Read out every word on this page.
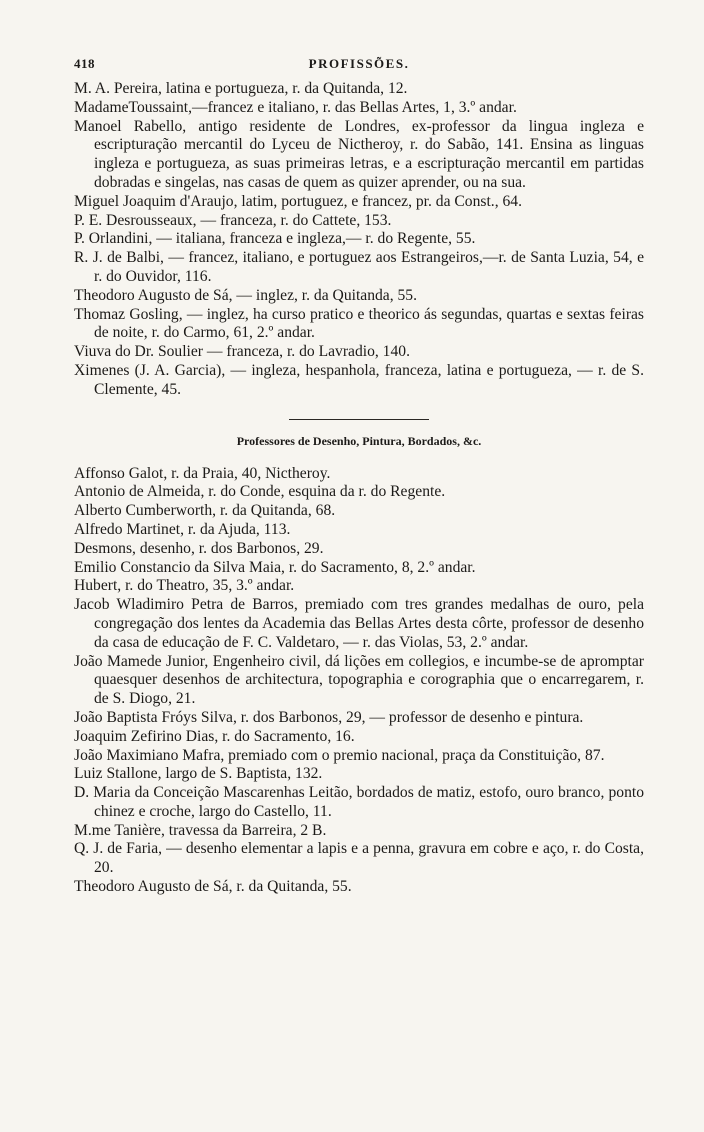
418	PROFISSÕES.

M. A. Pereira, latina e portugueza, r. da Quitanda, 12.

MadameToussaint,—francez e italiano, r. das Bellas Artes, 1, 3.º andar.

Manoel Rabello, antigo residente de Londres, ex-professor da lingua ingleza e escripturação mercantil do Lyceu de Nictheroy, r. do Sabão, 141. Ensina as linguas ingleza e portugueza, as suas primeiras letras, e a escripturação mercantil em partidas dobradas e singelas, nas casas de quem as quizer aprender, ou na sua.

Miguel Joaquim d'Araujo, latim, portuguez, e francez, pr. da Const., 64.

P. E. Desrousseaux, — franceza, r. do Cattete, 153.

P. Orlandini, — italiana, franceza e ingleza,— r. do Regente, 55.

R. J. de Balbi, — francez, italiano, e portuguez aos Estrangeiros,—r. de Santa Luzia, 54, e r. do Ouvidor, 116.

Theodoro Augusto de Sá, — inglez, r. da Quitanda, 55.

Thomaz Gosling, — inglez, ha curso pratico e theorico ás segundas, quartas e sextas feiras de noite, r. do Carmo, 61, 2.º andar.

Viuva do Dr. Soulier — franceza, r. do Lavradio, 140.

Ximenes (J. A. Garcia), — ingleza, hespanhola, franceza, latina e portugueza, — r. de S. Clemente, 45.

Professores de Desenho, Pintura, Bordados, &c.

Affonso Galot, r. da Praia, 40, Nictheroy.

Antonio de Almeida, r. do Conde, esquina da r. do Regente.

Alberto Cumberworth, r. da Quitanda, 68.

Alfredo Martinet, r. da Ajuda, 113.

Desmons, desenho, r. dos Barbonos, 29.

Emilio Constancio da Silva Maia, r. do Sacramento, 8, 2.º andar.

Hubert, r. do Theatro, 35, 3.º andar.

Jacob Wladimiro Petra de Barros, premiado com tres grandes medalhas de ouro, pela congregação dos lentes da Academia das Bellas Artes desta côrte, professor de desenho da casa de educação de F. C. Valdetaro, — r. das Violas, 53, 2.º andar.

João Mamede Junior, Engenheiro civil, dá lições em collegios, e incumbe-se de apromptar quaesquer desenhos de architectura, topographia e corographia que o encarregarem, r. de S. Diogo, 21.

João Baptista Fróys Silva, r. dos Barbonos, 29, — professor de desenho e pintura.

Joaquim Zefirino Dias, r. do Sacramento, 16.

João Maximiano Mafra, premiado com o premio nacional, praça da Constituição, 87.

Luiz Stallone, largo de S. Baptista, 132.

D. Maria da Conceição Mascarenhas Leitão, bordados de matiz, estofo, ouro branco, ponto chinez e croche, largo do Castello, 11.

M.me Tanière, travessa da Barreira, 2 B.

Q. J. de Faria, — desenho elementar a lapis e a penna, gravura em cobre e aço, r. do Costa, 20.

Theodoro Augusto de Sá, r. da Quitanda, 55.
